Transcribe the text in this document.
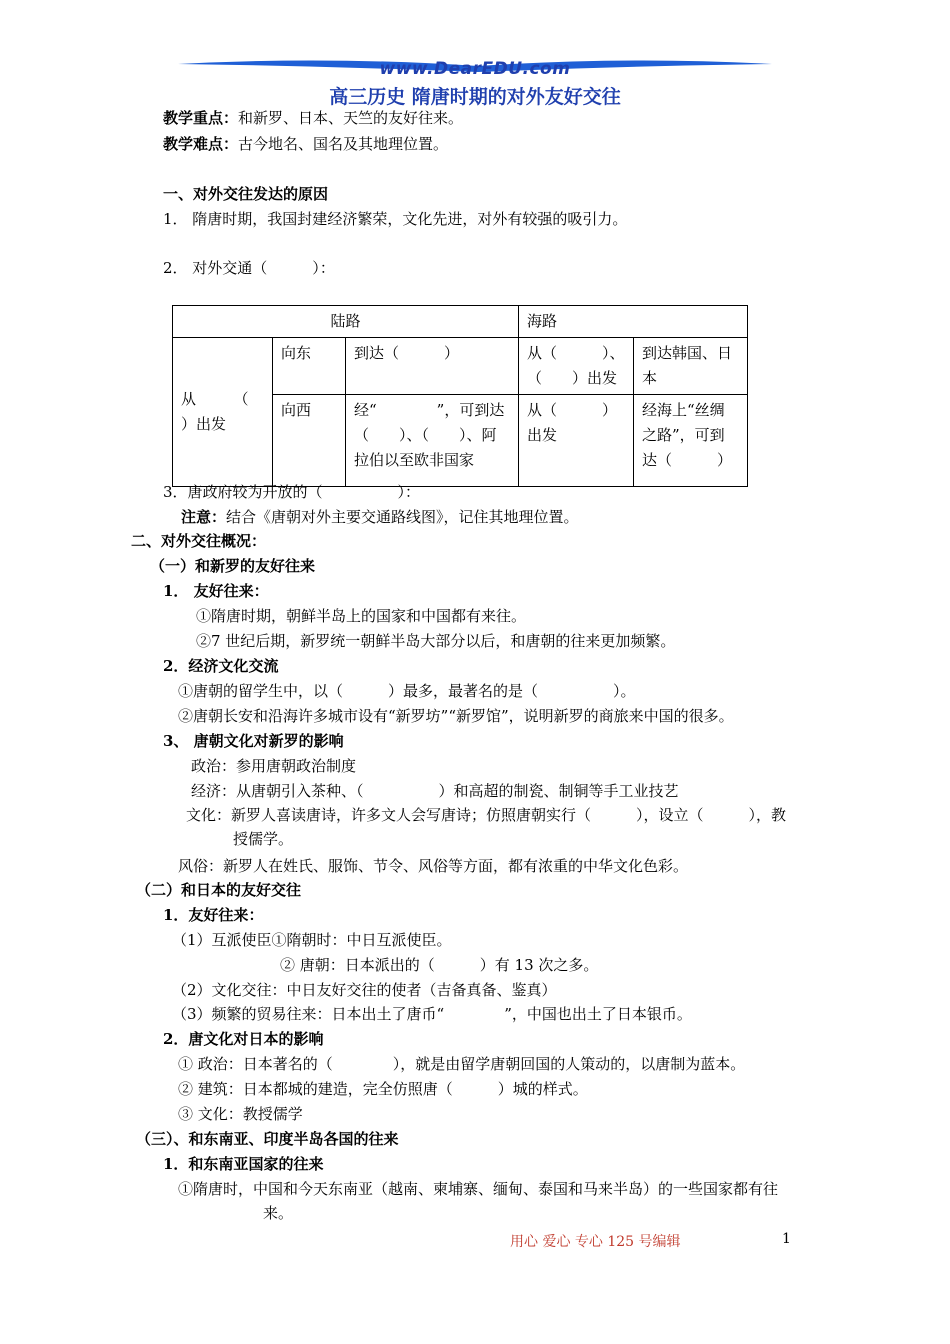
www.DearEDU.com
高三历史 隋唐时期的对外友好交往
教学重点：和新罗、日本、天竺的友好往来。
教学难点：古今地名、国名及其地理位置。
一、对外交往发达的原因
1． 隋唐时期，我国封建经济繁荣，文化先进，对外有较强的吸引力。
2． 对外交通（　　　）：
陆路			海路	
从　　　（　　）出发	向东	到达（　　　）	从（　　　）、（　　）出发	到达韩国、日本
	向西	经“　　　　”，可到达（　　）、（　　）、阿拉伯以至欧非国家	从（　　　）出发	经海上“丝绸之路”，可到达（　　　）
3．唐政府较为开放的（　　　　　）：
注意：结合《唐朝对外主要交通路线图》，记住其地理位置。
二、对外交往概况：
（一）和新罗的友好往来
1． 友好往来：
①隋唐时期，朝鲜半岛上的国家和中国都有来往。
②7 世纪后期，新罗统一朝鲜半岛大部分以后，和唐朝的往来更加频繁。
2．经济文化交流
①唐朝的留学生中，以（　　　）最多，最著名的是（　　　　　）。
②唐朝长安和沿海许多城市设有“新罗坊”“新罗馆”，说明新罗的商旅来中国的很多。
3、 唐朝文化对新罗的影响
政治：参用唐朝政治制度
经济：从唐朝引入茶种、（　　　　　）和高超的制瓷、制铜等手工业技艺
文化：新罗人喜读唐诗，许多文人会写唐诗；仿照唐朝实行（　　　），设立（　　　），教
授儒学。
风俗：新罗人在姓氏、服饰、节令、风俗等方面，都有浓重的中华文化色彩。
（二）和日本的友好交往
1．友好往来：
（1）互派使臣①隋朝时：中日互派使臣。
② 唐朝：日本派出的（　　　）有 13 次之多。
（2）文化交往：中日友好交往的使者（吉备真备、鉴真）
（3）频繁的贸易往来：日本出土了唐币“　　　　”，中国也出土了日本银币。
2．唐文化对日本的影响
① 政治：日本著名的（　　　　），就是由留学唐朝回国的人策动的，以唐制为蓝本。
② 建筑：日本都城的建造，完全仿照唐（　　　）城的样式。
③ 文化：教授儒学
（三）、和东南亚、印度半岛各国的往来
1．和东南亚国家的往来
①隋唐时，中国和今天东南亚（越南、柬埔寨、缅甸、泰国和马来半岛）的一些国家都有往
来。
用心 爱心 专心 125 号编辑	1
